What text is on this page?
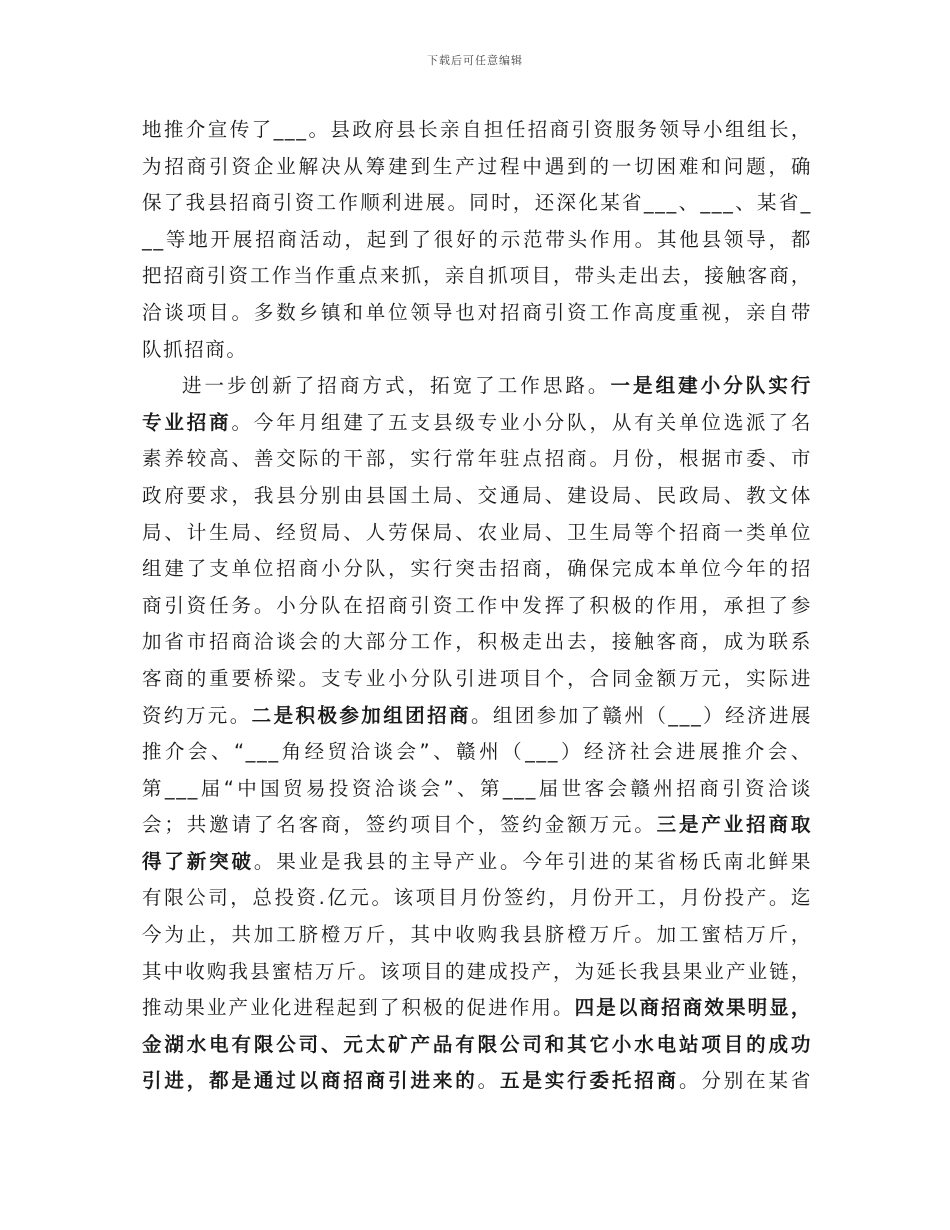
下载后可任意编辑
地推介宣传了___。县政府县长亲自担任招商引资服务领导小组组长，
为招商引资企业解决从筹建到生产过程中遇到的一切困难和问题，确
保了我县招商引资工作顺利进展。同时，还深化某省___、___、某省_
__等地开展招商活动，起到了很好的示范带头作用。其他县领导，都
把招商引资工作当作重点来抓，亲自抓项目，带头走出去，接触客商，
洽谈项目。多数乡镇和单位领导也对招商引资工作高度重视，亲自带
队抓招商。
进一步创新了招商方式，拓宽了工作思路。一是组建小分队实行
专业招商。今年月组建了五支县级专业小分队，从有关单位选派了名
素养较高、善交际的干部，实行常年驻点招商。月份，根据市委、市
政府要求，我县分别由县国土局、交通局、建设局、民政局、教文体
局、计生局、经贸局、人劳保局、农业局、卫生局等个招商一类单位
组建了支单位招商小分队，实行突击招商，确保完成本单位今年的招
商引资任务。小分队在招商引资工作中发挥了积极的作用，承担了参
加省市招商洽谈会的大部分工作，积极走出去，接触客商，成为联系
客商的重要桥梁。支专业小分队引进项目个，合同金额万元，实际进
资约万元。二是积极参加组团招商。组团参加了赣州（___）经济进展
推介会、“___角经贸洽谈会”、赣州（___）经济社会进展推介会、
第___届“中国贸易投资洽谈会”、第___届世客会赣州招商引资洽谈
会；共邀请了名客商，签约项目个，签约金额万元。三是产业招商取
得了新突破。果业是我县的主导产业。今年引进的某省杨氏南北鲜果
有限公司，总投资.亿元。该项目月份签约，月份开工，月份投产。迄
今为止，共加工脐橙万斤，其中收购我县脐橙万斤。加工蜜桔万斤，
其中收购我县蜜桔万斤。该项目的建成投产，为延长我县果业产业链，
推动果业产业化进程起到了积极的促进作用。四是以商招商效果明显，
金湖水电有限公司、元太矿产品有限公司和其它小水电站项目的成功
引进，都是通过以商招商引进来的。五是实行委托招商。分别在某省
